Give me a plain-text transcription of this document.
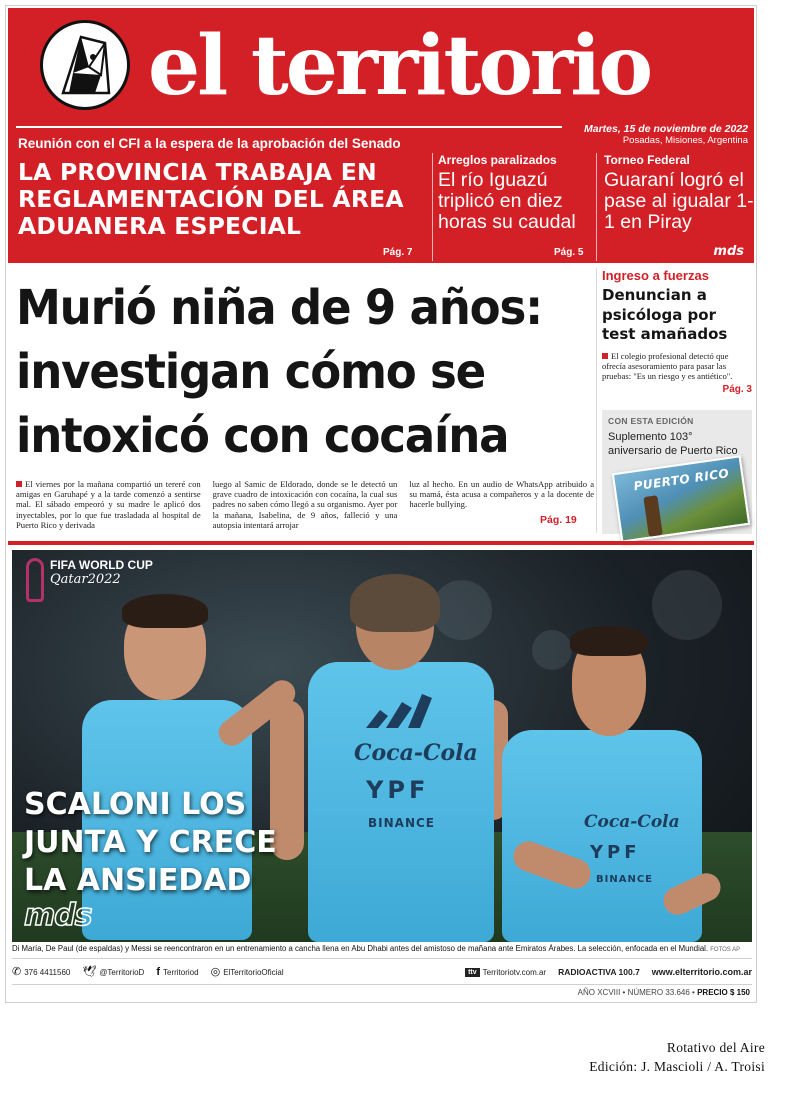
el territorio
Reunión con el CFI a la espera de la aprobación del Senado
Martes, 15 de noviembre de 2022
Posadas, Misiones, Argentina
LA PROVINCIA TRABAJA EN REGLAMENTACIÓN DEL ÁREA ADUANERA ESPECIAL
Pág. 7
Arreglos paralizados
El río Iguazú triplicó en diez horas su caudal
Pág. 5
Torneo Federal
Guaraní logró el pase al igualar 1-1 en Piray
mds
Murió niña de 9 años: investigan cómo se intoxicó con cocaína

El viernes por la mañana compartió un tereré con amigas en Garuhapé y a la tarde comenzó a sentirse mal. El sábado empeoró y su madre le aplicó dos inyectables, por lo que fue trasladada al hospital de Puerto Rico y derivada

luego al Samic de Eldorado, donde se le detectó un grave cuadro de intoxicación con cocaína, la cual sus padres no saben cómo llegó a su organismo. Ayer por la mañana, Isabelina, de 9 años, falleció y una autopsia intentará arrojar

luz al hecho. En un audio de WhatsApp atribuido a su mamá, ésta acusa a compañeros y a la docente de hacerle bullying.

Pág. 19
Ingreso a fuerzas
Denuncian a psicóloga por test amañados
El colegio profesional detectó que ofrecía asesoramiento para pasar las pruebas: "Es un riesgo y es antiético".
Pág. 3
CON ESTA EDICIÓN
Suplemento 103° aniversario de Puerto Rico
PUERTO RICO
Coca-Cola
YPF
BINANCE	Coca-Cola
YPF
BINANCE
FIFA WORLD CUP
Qatar2022
SCALONI LOS
JUNTA Y CRECE
LA ANSIEDAD
mds
Di María, De Paul (de espaldas) y Messi se reencontraron en un entrenamiento a cancha llena en Abu Dhabi antes del amistoso de mañana ante Emiratos Árabes. La selección, enfocada en el Mundial. FOTOS AP
✆ 376 4411560 🕊 @TerritorioD f Territoriod ◎ ElTerritorioOficial	ttv Territoriotv.com.ar RADIOACTIVA 100.7 www.elterritorio.com.ar
AÑO XCVIII • NÚMERO 33.646 • PRECIO $ 150
Rotativo del Aire
Edición: J. Mascioli / A. Troisi
